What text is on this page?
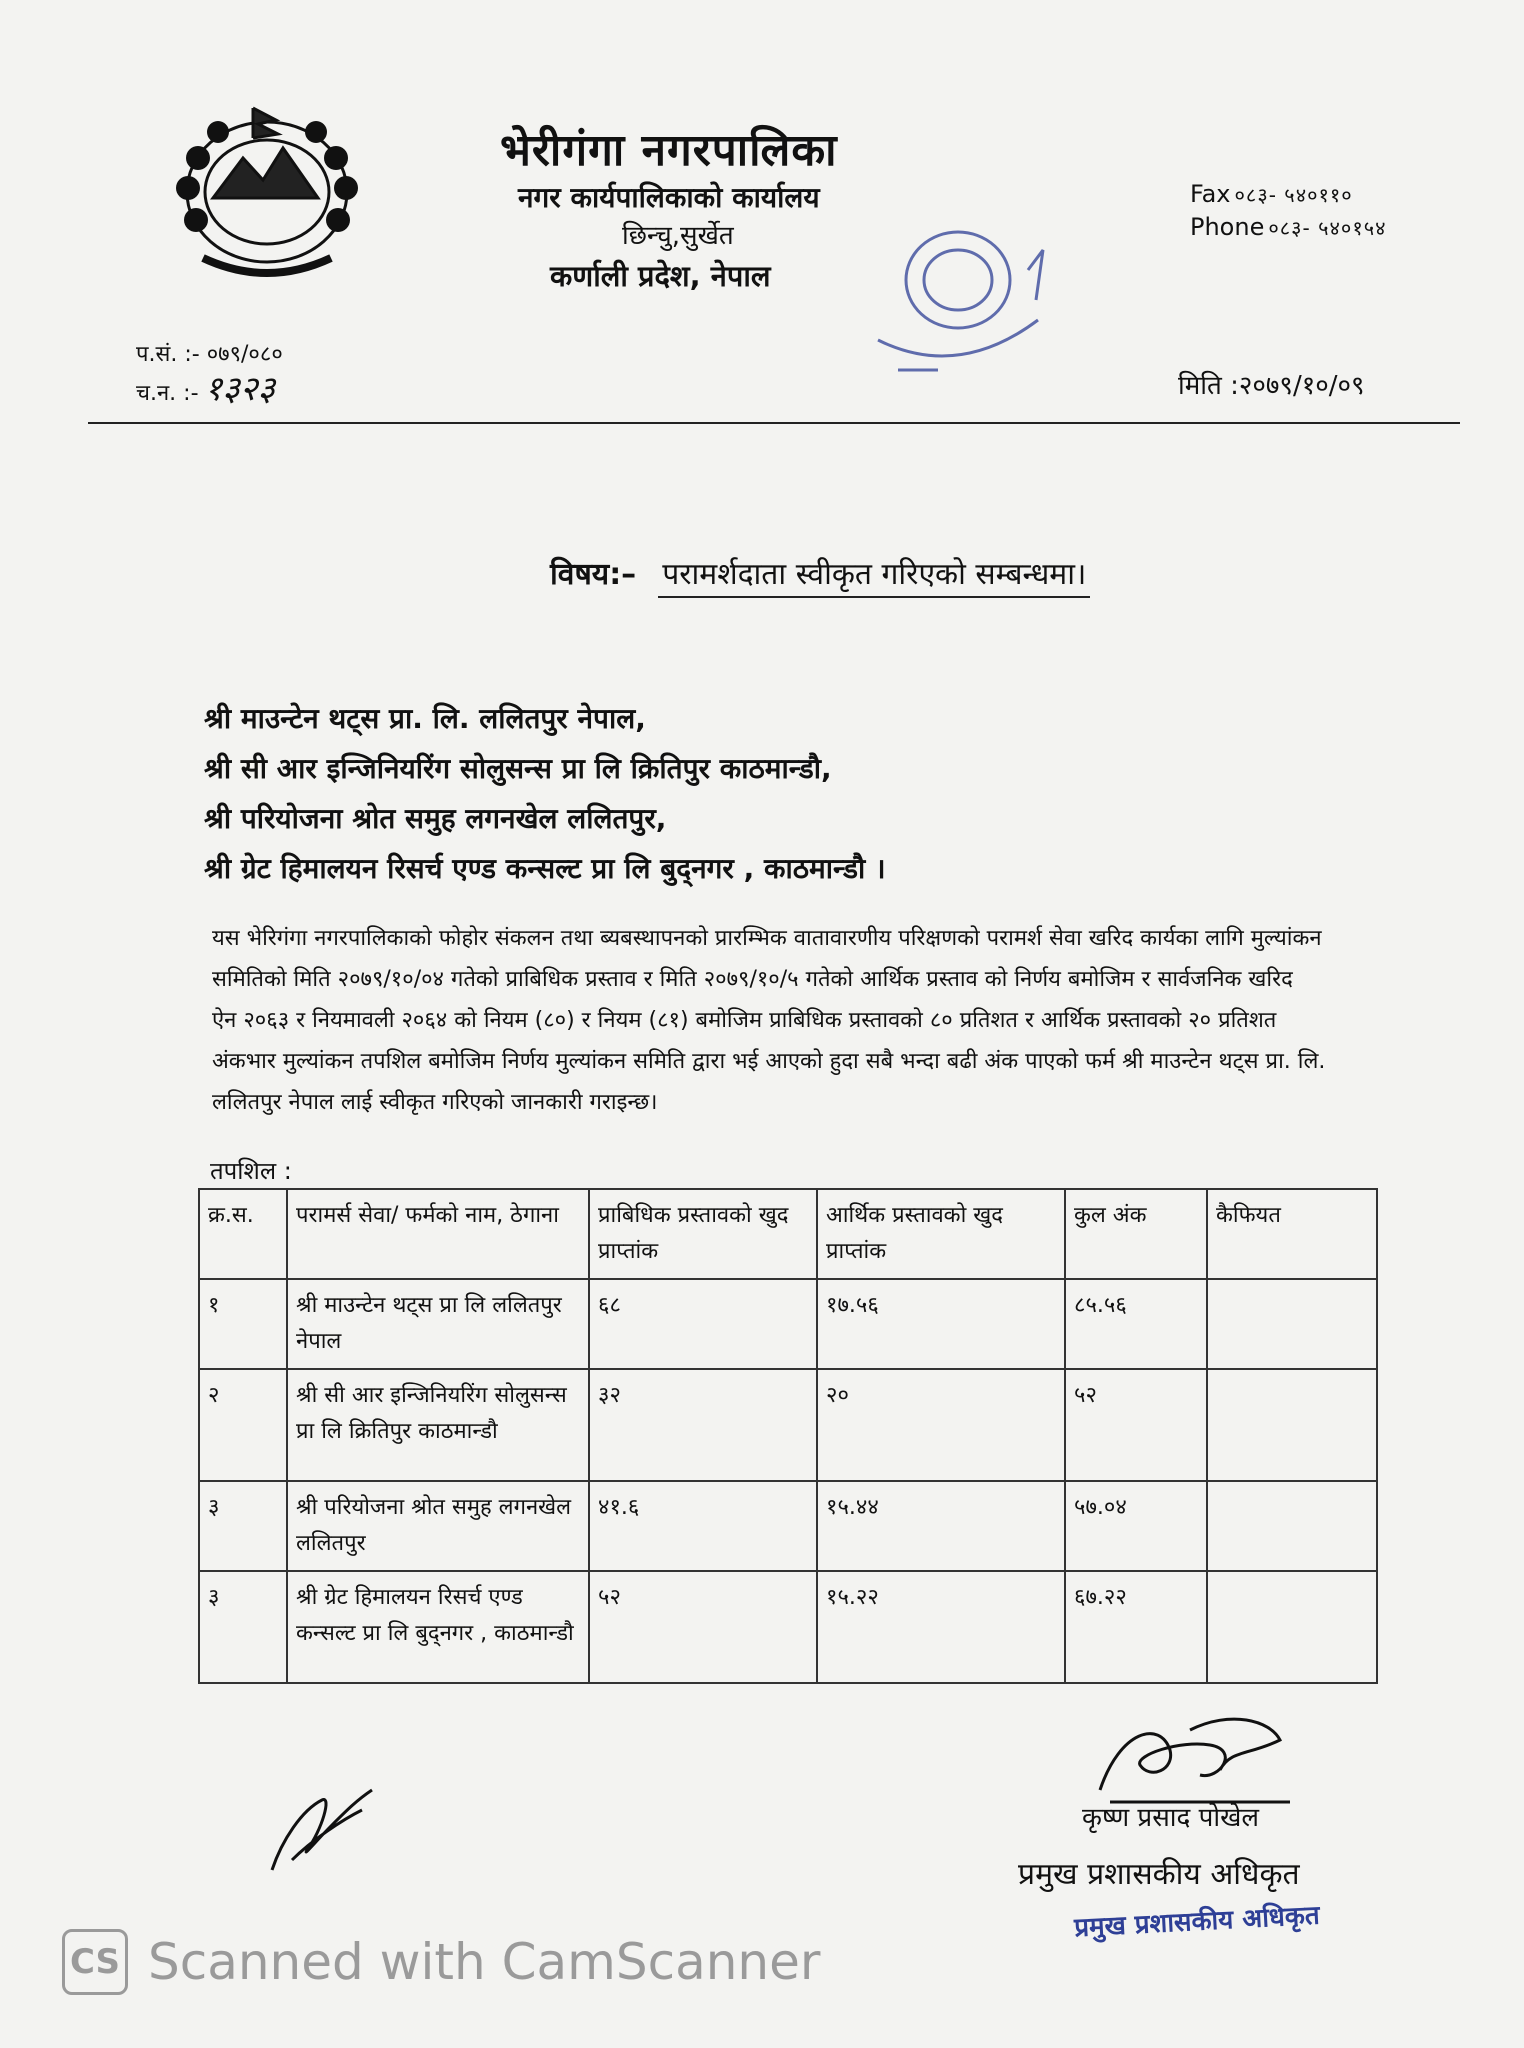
भेरीगंगा नगरपालिका
नगर कार्यपालिकाको कार्यालय
छिन्चु,सुर्खेत
कर्णाली प्रदेश, नेपाल
Fax ०८३- ५४०११०
Phone ०८३- ५४०१५४
प.सं. :- ०७९/०८०
च.न. :- १३२३	मिति :२०७९/१०/०९
विषय:– परामर्शदाता स्वीकृत गरिएको सम्बन्धमा।
श्री माउन्टेन थट्स प्रा. लि. ललितपुर नेपाल,
श्री सी आर इन्जिनियरिंग सोलुसन्स प्रा लि क्रितिपुर काठमान्डौ,
श्री परियोजना श्रोत समुह लगनखेल ललितपुर,
श्री ग्रेट हिमालयन रिसर्च एण्ड कन्सल्ट प्रा लि बुद्नगर , काठमान्डौ ।

यस भेरिगंगा नगरपालिकाको फोहोर संकलन तथा ब्यबस्थापनको प्रारम्भिक वातावारणीय परिक्षणको परामर्श सेवा खरिद कार्यका लागि मुल्यांकन

समितिको मिति २०७९/१०/०४ गतेको प्राबिधिक प्रस्ताव र मिति २०७९/१०/५ गतेको आर्थिक प्रस्ताव को निर्णय बमोजिम र सार्वजनिक खरिद

ऐन २०६३ र नियमावली २०६४ को नियम (८०) र नियम (८१) बमोजिम प्राबिधिक प्रस्तावको ८० प्रतिशत र आर्थिक प्रस्तावको २० प्रतिशत

अंकभार मुल्यांकन तपशिल बमोजिम निर्णय मुल्यांकन समिति द्वारा भई आएको हुदा सबै भन्दा बढी अंक पाएको फर्म श्री माउन्टेन थट्स प्रा. लि.

ललितपुर नेपाल लाई स्वीकृत गरिएको जानकारी गराइन्छ।

तपशिल :
क्र.स.	परामर्स सेवा/ फर्मको नाम, ठेगाना	प्राबिधिक प्रस्तावको खुद प्राप्तांक	आर्थिक प्रस्तावको खुद प्राप्तांक	कुल अंक	कैफियत
१	श्री माउन्टेन थट्स प्रा लि ललितपुर नेपाल	६८	१७.५६	८५.५६	
२	श्री सी आर इन्जिनियरिंग सोलुसन्स प्रा लि क्रितिपुर काठमान्डौ	३२	२०	५२	
३	श्री परियोजना श्रोत समुह लगनखेल ललितपुर	४१.६	१५.४४	५७.०४	
३	श्री ग्रेट हिमालयन रिसर्च एण्ड कन्सल्ट प्रा लि बुद्नगर , काठमान्डौ	५२	१५.२२	६७.२२	
कृष्ण प्रसाद पोखेल
प्रमुख प्रशासकीय अधिकृत
प्रमुख प्रशासकीय अधिकृत
CS Scanned with CamScanner
